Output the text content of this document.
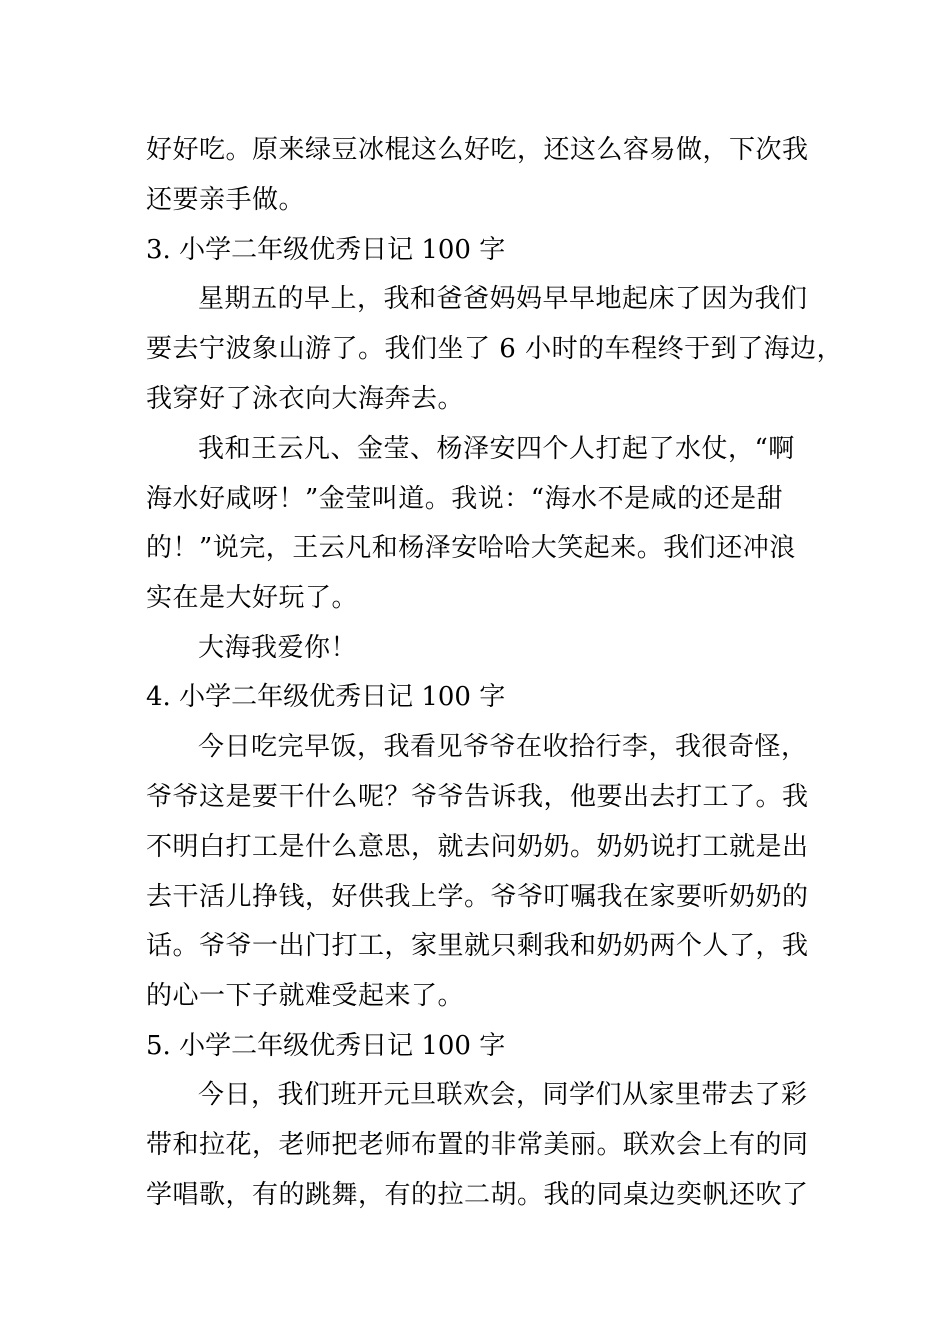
好好吃。原来绿豆冰棍这么好吃，还这么容易做，下次我
还要亲手做。
3. 小学二年级优秀日记 100 字
星期五的早上，我和爸爸妈妈早早地起床了因为我们
要去宁波象山游了。我们坐了 6 小时的车程终于到了海边，
我穿好了泳衣向大海奔去。
我和王云凡、金莹、杨泽安四个人打起了水仗，“啊
海水好咸呀！”金莹叫道。我说：“海水不是咸的还是甜
的！”说完，王云凡和杨泽安哈哈大笑起来。我们还冲浪
实在是大好玩了。
大海我爱你！
4. 小学二年级优秀日记 100 字
今日吃完早饭，我看见爷爷在收拾行李，我很奇怪，
爷爷这是要干什么呢？爷爷告诉我，他要出去打工了。我
不明白打工是什么意思，就去问奶奶。奶奶说打工就是出
去干活儿挣钱，好供我上学。爷爷叮嘱我在家要听奶奶的
话。爷爷一出门打工，家里就只剩我和奶奶两个人了，我
的心一下子就难受起来了。
5. 小学二年级优秀日记 100 字
今日，我们班开元旦联欢会，同学们从家里带去了彩
带和拉花，老师把老师布置的非常美丽。联欢会上有的同
学唱歌，有的跳舞，有的拉二胡。我的同桌边奕帆还吹了
